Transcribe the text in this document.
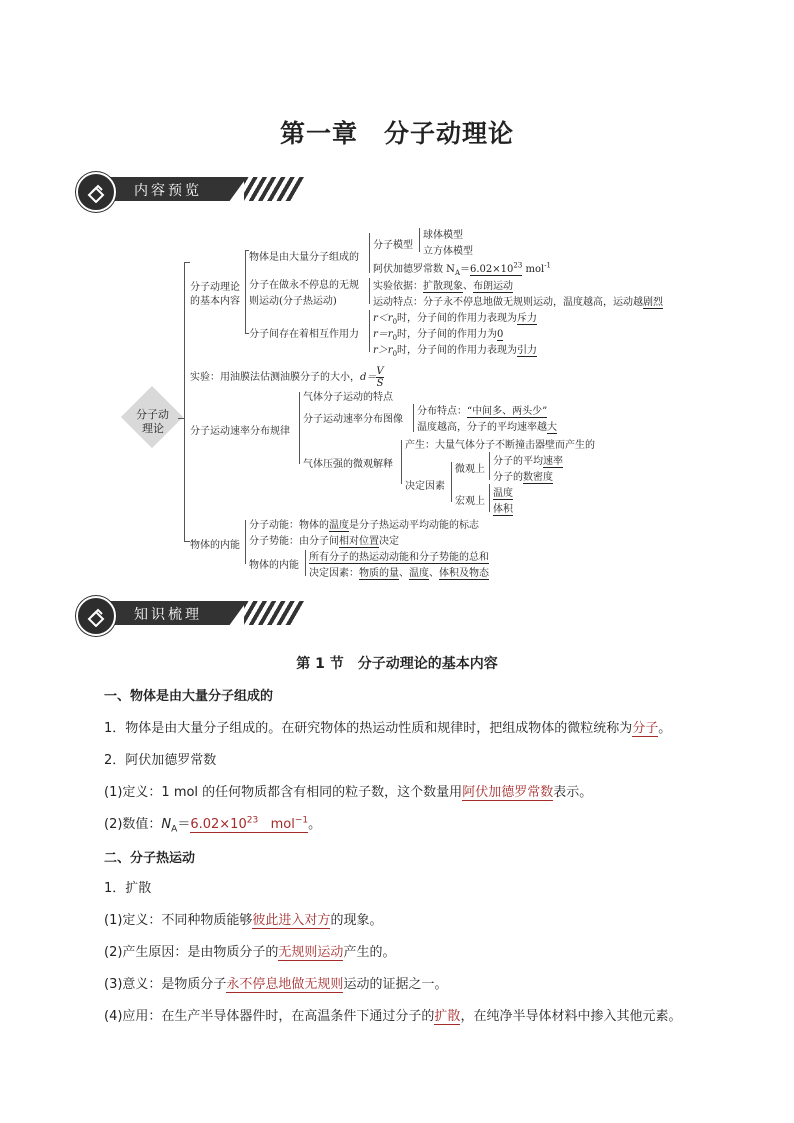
第一章　分子动理论
内容预览
分子动
理论
分子动理论
的基本内容
物体是由大量分子组成的
分子模型
球体模型
立方体模型
阿伏加德罗常数 $N_A=6.02\times 10^{23}$ mol$^{-1}$
分子在做永不停息的无规
则运动(分子热运动)
实验依据：扩散现象、布朗运动
运动特点：分子永不停息地做无规则运动，温度越高，运动越剧烈
分子间存在着相互作用力
$r<r_0$时，分子间的作用力表现为斥力
$r=r_0$时，分子间的作用力为0
$r>r_0$时，分子间的作用力表现为引力
实验：用油膜法估测油膜分子的大小，$d= \frac{V}{S}$
分子运动速率分布规律
气体分子运动的特点
分子运动速率分布图像
分布特点：“中间多、两头少”
温度越高，分子的平均速率越大
气体压强的微观解释
产生：大量气体分子不断撞击器壁而产生的
决定因素
微观上
分子的平均速率
分子的数密度
宏观上
温度
体积
物体的内能
分子动能：物体的温度是分子热运动平均动能的标志
分子势能：由分子间相对位置决定
物体的内能
所有分子的热运动动能和分子势能的总和
决定因素：物质的量、温度、体积及物态
知识梳理
第 1 节　分子动理论的基本内容
一、物体是由大量分子组成的
1．物体是由大量分子组成的。在研究物体的热运动性质和规律时，把组成物体的微粒统称为分子。
2．阿伏加德罗常数
(1)定义：1 mol 的任何物质都含有相同的粒子数，这个数量用阿伏加德罗常数表示。
(2)数值：$N_A=6.02\times 10^{23}$ mol$^{-1}$。
二、分子热运动
1．扩散
(1)定义：不同种物质能够彼此进入对方的现象。
(2)产生原因：是由物质分子的无规则运动产生的。
(3)意义：是物质分子永不停息地做无规则运动的证据之一。
(4)应用：在生产半导体器件时，在高温条件下通过分子的扩散，在纯净半导体材料中掺入其他元素。
